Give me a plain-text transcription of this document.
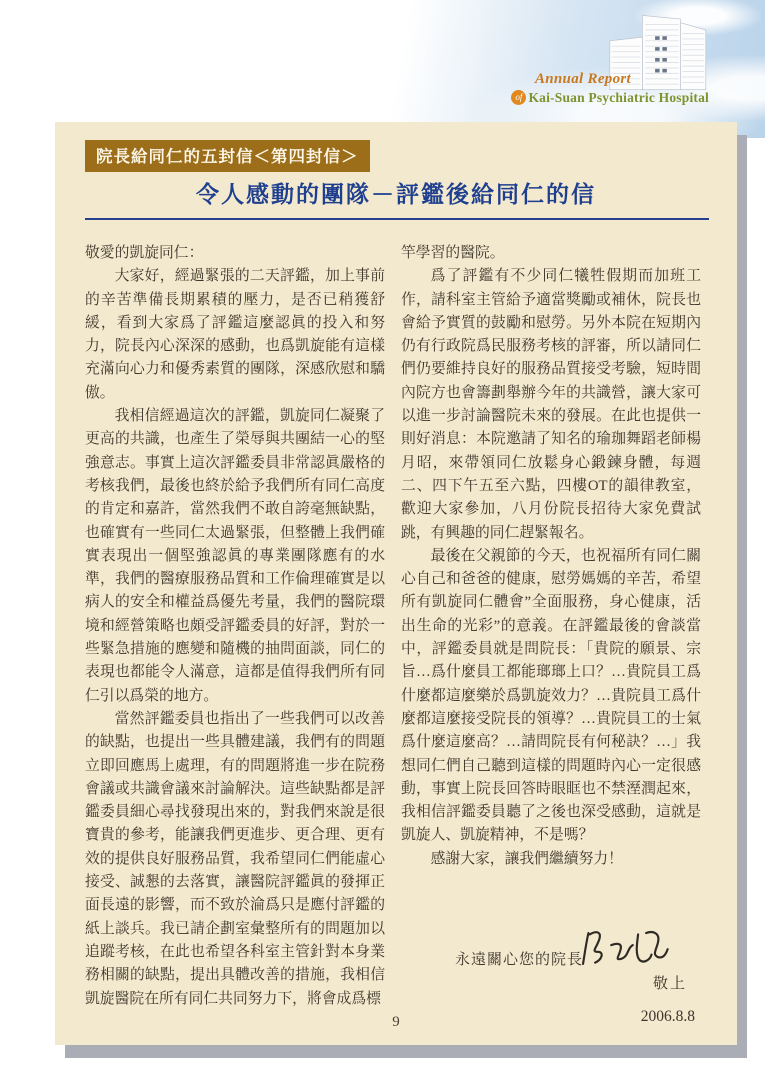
Annual Report
of Kai-Suan Psychiatric Hospital
院長給同仁的五封信＜第四封信＞
令人感動的團隊－評鑑後給同仁的信

敬愛的凱旋同仁：

大家好，經過緊張的二天評鑑，加上事前的辛苦準備長期累積的壓力，是否已稍獲舒緩，看到大家爲了評鑑這麼認眞的投入和努力，院長內心深深的感動，也爲凱旋能有這樣充滿向心力和優秀素質的團隊，深感欣慰和驕傲。

我相信經過這次的評鑑，凱旋同仁凝聚了更高的共識，也產生了榮辱與共團結一心的堅強意志。事實上這次評鑑委員非常認眞嚴格的考核我們，最後也終於給予我們所有同仁高度的肯定和嘉許，當然我們不敢自誇毫無缺點，也確實有一些同仁太過緊張，但整體上我們確實表現出一個堅強認眞的專業團隊應有的水準，我們的醫療服務品質和工作倫理確實是以病人的安全和權益爲優先考量，我們的醫院環境和經營策略也頗受評鑑委員的好評，對於一些緊急措施的應變和隨機的抽問面談，同仁的表現也都能令人滿意，這都是值得我們所有同仁引以爲榮的地方。

當然評鑑委員也指出了一些我們可以改善的缺點，也提出一些具體建議，我們有的問題立即回應馬上處理，有的問題將進一步在院務會議或共識會議來討論解決。這些缺點都是評鑑委員細心尋找發現出來的，對我們來說是很寶貴的參考，能讓我們更進步、更合理、更有效的提供良好服務品質，我希望同仁們能虛心接受、誠懇的去落實，讓醫院評鑑眞的發揮正面長遠的影響，而不致於淪爲只是應付評鑑的紙上談兵。我已請企劃室彙整所有的問題加以追蹤考核，在此也希望各科室主管針對本身業務相關的缺點，提出具體改善的措施，我相信凱旋醫院在所有同仁共同努力下，將會成爲標

竿學習的醫院。

爲了評鑑有不少同仁犧牲假期而加班工作，請科室主管給予適當獎勵或補休，院長也會給予實質的鼓勵和慰勞。另外本院在短期內仍有行政院爲民服務考核的評審，所以請同仁們仍要維持良好的服務品質接受考驗，短時間內院方也會籌劃舉辦今年的共識營，讓大家可以進一步討論醫院未來的發展。在此也提供一則好消息：本院邀請了知名的瑜珈舞蹈老師楊月昭，來帶領同仁放鬆身心鍛鍊身體，每週二、四下午五至六點，四樓OT的韻律教室，歡迎大家參加，八月份院長招待大家免費試跳，有興趣的同仁趕緊報名。

最後在父親節的今天，也祝福所有同仁關心自己和爸爸的健康，慰勞媽媽的辛苦，希望所有凱旋同仁體會”全面服務，身心健康，活出生命的光彩”的意義。在評鑑最後的會談當中，評鑑委員就是問院長：「貴院的願景、宗旨…爲什麼員工都能瑯瑯上口？…貴院員工爲什麼都這麼樂於爲凱旋效力？…貴院員工爲什麼都這麼接受院長的領導？…貴院員工的士氣爲什麼這麼高？…請問院長有何秘訣？…」我想同仁們自己聽到這樣的問題時內心一定很感動，事實上院長回答時眼眶也不禁溼潤起來，我相信評鑑委員聽了之後也深受感動，這就是凱旋人、凱旋精神，不是嗎？

感謝大家，讓我們繼續努力！

永遠關心您的院長
敬上
2006.8.8
9
